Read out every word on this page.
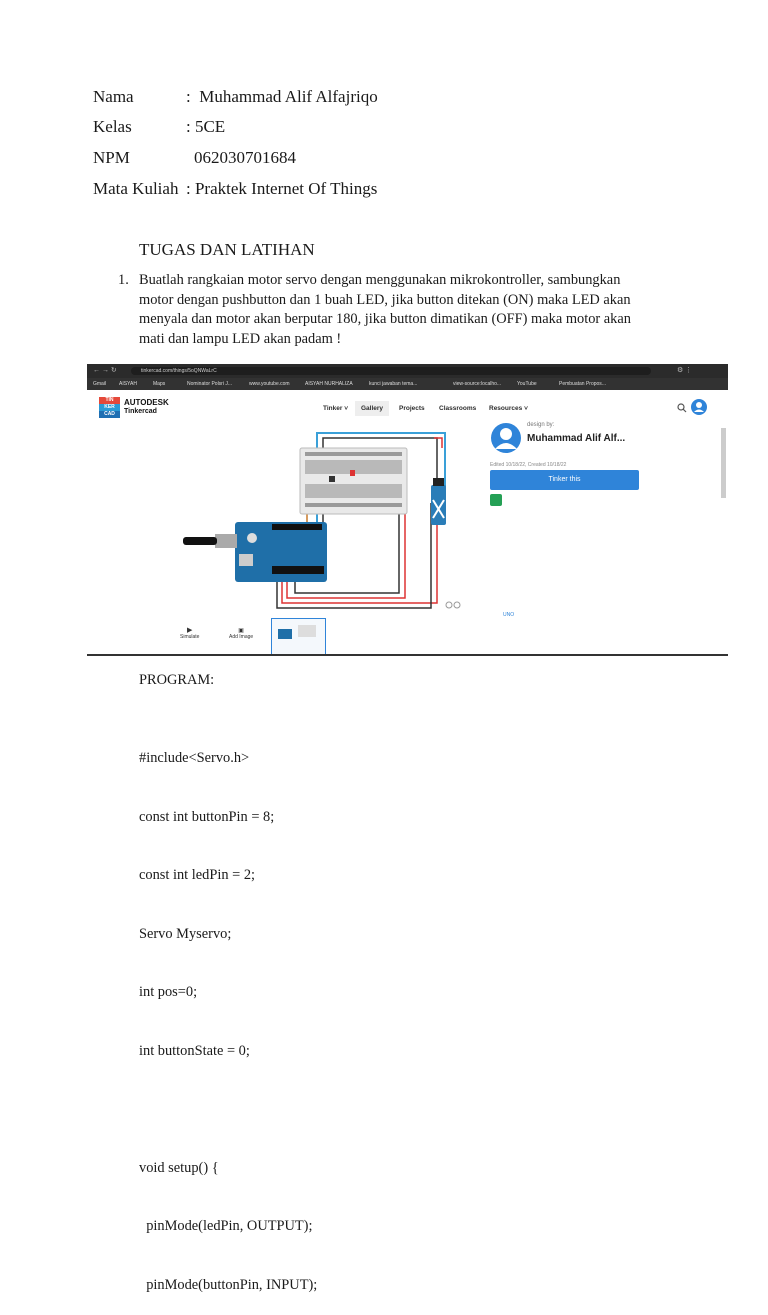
Nama	:  Muhammad Alif Alfajriqo
Kelas	: 5CE
NPM	062030701684
Mata Kuliah : Praktek Internet Of Things
TUGAS DAN LATIHAN
1. Buatlah rangkaian motor servo dengan menggunakan mikrokontroller, sambungkan
motor dengan pushbutton dan 1 buah LED, jika button ditekan (ON) maka LED akan
menyala dan motor akan berputar 180, jika button dimatikan (OFF) maka motor akan
mati dan lampu LED akan padam !
← → ↻	tinkercad.com/things/5oQNWaLrC	⚙ ⋮
Gmail	AISYAH	Maps	Nominator Polsri J...	www.youtube.com	AISYAH NURHALIZA	kunci jawaban tema...	view-source:localho...	YouTube	Pembuatan Propos...
TIN
KER
CAD
AUTODESK
Tinkercad	Tinker ˅	Gallery	Projects Classrooms Resources ˅
UNO
design by:
Muhammad Alif Alf...
Edited 10/18/22, Created 10/18/22
Tinker this
▶
Simulate
▣
Add Image
PROGRAM:

#include<Servo.h>

const int buttonPin = 8;

const int ledPin = 2;

Servo Myservo;

int pos=0;

int buttonState = 0;

void setup() {

pinMode(ledPin, OUTPUT);

pinMode(buttonPin, INPUT);
